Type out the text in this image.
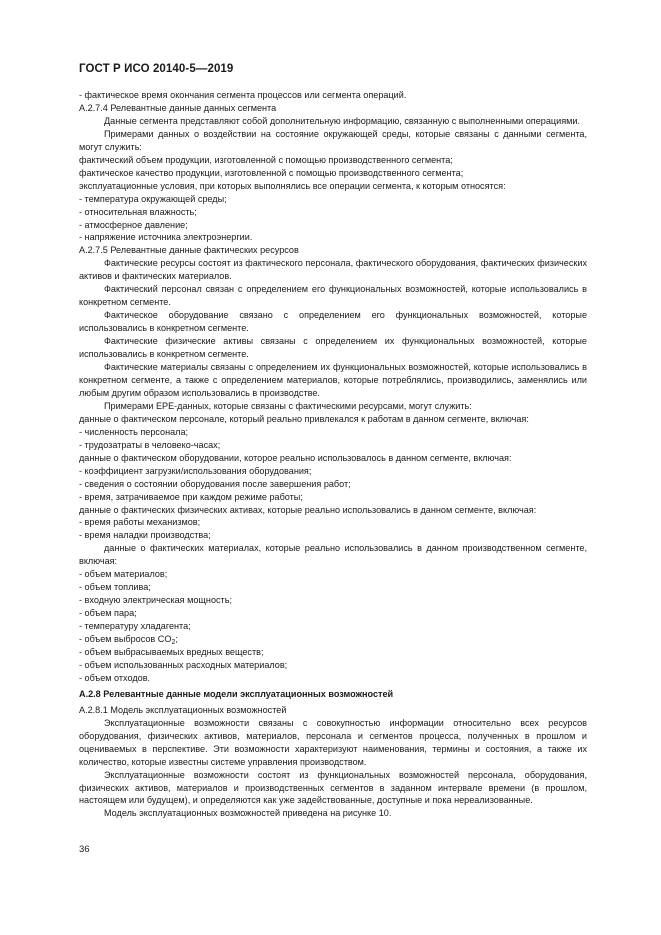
ГОСТ Р ИСО 20140-5—2019

- фактическое время окончания сегмента процессов или сегмента операций.

А.2.7.4 Релевантные данные данных сегмента

Данные сегмента представляют собой дополнительную информацию, связанную с выполненными операциями.

Примерами данных о воздействии на состояние окружающей среды, которые связаны с данными сегмента, могут служить:

фактический объем продукции, изготовленной с помощью производственного сегмента;

фактическое качество продукции, изготовленной с помощью производственного сегмента;

эксплуатационные условия, при которых выполнялись все операции сегмента, к которым относятся:

- температура окружающей среды;

- относительная влажность;

- атмосферное давление;

- напряжение источника электроэнергии.

А.2.7.5 Релевантные данные фактических ресурсов

Фактические ресурсы состоят из фактического персонала, фактического оборудования, фактических физических активов и фактических материалов.

Фактический персонал связан с определением его функциональных возможностей, которые использовались в конкретном сегменте.

Фактическое оборудование связано с определением его функциональных возможностей, которые использовались в конкретном сегменте.

Фактические физические активы связаны с определением их функциональных возможностей, которые использовались в конкретном сегменте.

Фактические материалы связаны с определением их функциональных возможностей, которые использовались в конкретном сегменте, а также с определением материалов, которые потреблялись, производились, заменялись или любым другим образом использовались в производстве.

Примерами EPE-данных, которые связаны с фактическими ресурсами, могут служить:

данные о фактическом персонале, который реально привлекался к работам в данном сегменте, включая:

- численность персонала;

- трудозатраты в человеко-часах;

данные о фактическом оборудовании, которое реально использовалось в данном сегменте, включая:

- коэффициент загрузки/использования оборудования;

- сведения о состоянии оборудования после завершения работ;

- время, затрачиваемое при каждом режиме работы;

данные о фактических физических активах, которые реально использовались в данном сегменте, включая:

- время работы механизмов;

- время наладки производства;

данные о фактических материалах, которые реально использовались в данном производственном сегменте, включая:

- объем материалов;

- объем топлива;

- входную электрическая мощность;

- объем пара;

- температуру хладагента;

- объем выбросов $CO_2$;

- объем выбрасываемых вредных веществ;

- объем использованных расходных материалов;

- объем отходов.

А.2.8 Релевантные данные модели эксплуатационных возможностей

А.2.8.1 Модель эксплуатационных возможностей

Эксплуатационные возможности связаны с совокупностью информации относительно всех ресурсов оборудования, физических активов, материалов, персонала и сегментов процесса, полученных в прошлом и оцениваемых в перспективе. Эти возможности характеризуют наименования, термины и состояния, а также их количество, которые известны системе управления производством.

Эксплуатационные возможности состоят из функциональных возможностей персонала, оборудования, физических активов, материалов и производственных сегментов в заданном интервале времени (в прошлом, настоящем или будущем), и определяются как уже задействованные, доступные и пока нереализованные.

Модель эксплуатационных возможностей приведена на рисунке 10.

36
